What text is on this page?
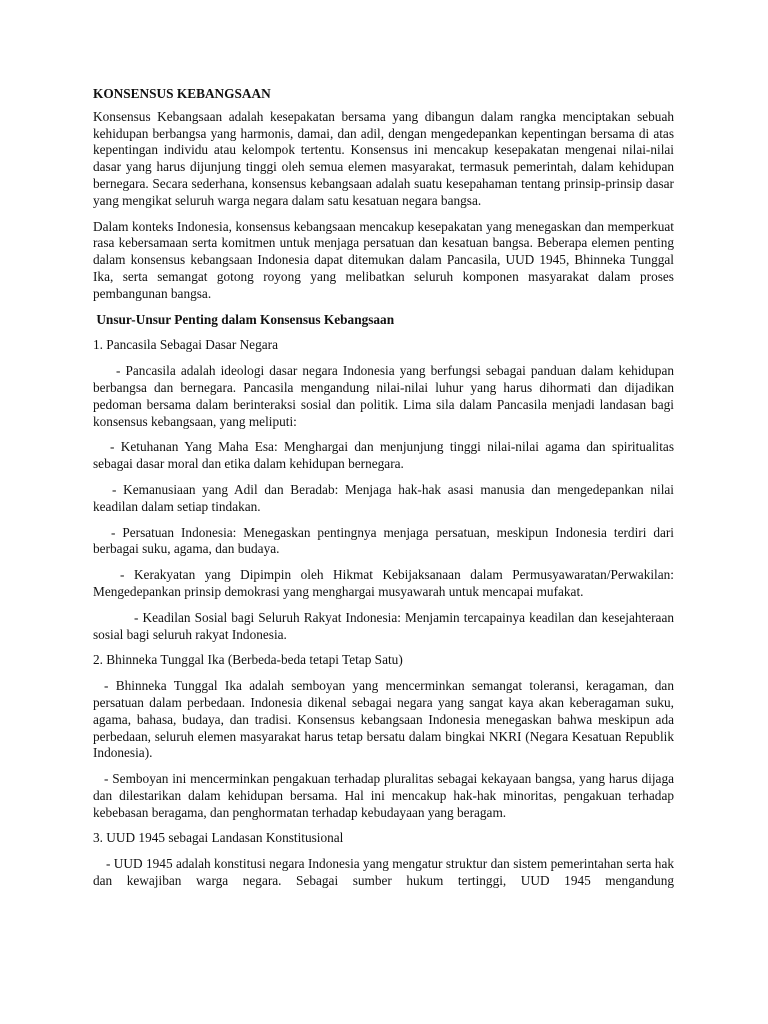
KONSENSUS KEBANGSAAN

Konsensus Kebangsaan adalah kesepakatan bersama yang dibangun dalam rangka menciptakan sebuah kehidupan berbangsa yang harmonis, damai, dan adil, dengan mengedepankan kepentingan bersama di atas kepentingan individu atau kelompok tertentu. Konsensus ini mencakup kesepakatan mengenai nilai-nilai dasar yang harus dijunjung tinggi oleh semua elemen masyarakat, termasuk pemerintah, dalam kehidupan bernegara. Secara sederhana, konsensus kebangsaan adalah suatu kesepahaman tentang prinsip-prinsip dasar yang mengikat seluruh warga negara dalam satu kesatuan negara bangsa.

Dalam konteks Indonesia, konsensus kebangsaan mencakup kesepakatan yang menegaskan dan memperkuat rasa kebersamaan serta komitmen untuk menjaga persatuan dan kesatuan bangsa. Beberapa elemen penting dalam konsensus kebangsaan Indonesia dapat ditemukan dalam Pancasila, UUD 1945, Bhinneka Tunggal Ika, serta semangat gotong royong yang melibatkan seluruh komponen masyarakat dalam proses pembangunan bangsa.

Unsur-Unsur Penting dalam Konsensus Kebangsaan

1. Pancasila Sebagai Dasar Negara

- Pancasila adalah ideologi dasar negara Indonesia yang berfungsi sebagai panduan dalam kehidupan berbangsa dan bernegara. Pancasila mengandung nilai-nilai luhur yang harus dihormati dan dijadikan pedoman bersama dalam berinteraksi sosial dan politik. Lima sila dalam Pancasila menjadi landasan bagi konsensus kebangsaan, yang meliputi:

- Ketuhanan Yang Maha Esa: Menghargai dan menjunjung tinggi nilai-nilai agama dan spiritualitas sebagai dasar moral dan etika dalam kehidupan bernegara.

- Kemanusiaan yang Adil dan Beradab: Menjaga hak-hak asasi manusia dan mengedepankan nilai keadilan dalam setiap tindakan.

- Persatuan Indonesia: Menegaskan pentingnya menjaga persatuan, meskipun Indonesia terdiri dari berbagai suku, agama, dan budaya.

- Kerakyatan yang Dipimpin oleh Hikmat Kebijaksanaan dalam Permusyawaratan/Perwakilan: Mengedepankan prinsip demokrasi yang menghargai musyawarah untuk mencapai mufakat.

- Keadilan Sosial bagi Seluruh Rakyat Indonesia: Menjamin tercapainya keadilan dan kesejahteraan sosial bagi seluruh rakyat Indonesia.

2. Bhinneka Tunggal Ika (Berbeda-beda tetapi Tetap Satu)

- Bhinneka Tunggal Ika adalah semboyan yang mencerminkan semangat toleransi, keragaman, dan persatuan dalam perbedaan. Indonesia dikenal sebagai negara yang sangat kaya akan keberagaman suku, agama, bahasa, budaya, dan tradisi. Konsensus kebangsaan Indonesia menegaskan bahwa meskipun ada perbedaan, seluruh elemen masyarakat harus tetap bersatu dalam bingkai NKRI (Negara Kesatuan Republik Indonesia).

- Semboyan ini mencerminkan pengakuan terhadap pluralitas sebagai kekayaan bangsa, yang harus dijaga dan dilestarikan dalam kehidupan bersama. Hal ini mencakup hak-hak minoritas, pengakuan terhadap kebebasan beragama, dan penghormatan terhadap kebudayaan yang beragam.

3. UUD 1945 sebagai Landasan Konstitusional

- UUD 1945 adalah konstitusi negara Indonesia yang mengatur struktur dan sistem pemerintahan serta hak dan kewajiban warga negara. Sebagai sumber hukum tertinggi, UUD 1945 mengandung
